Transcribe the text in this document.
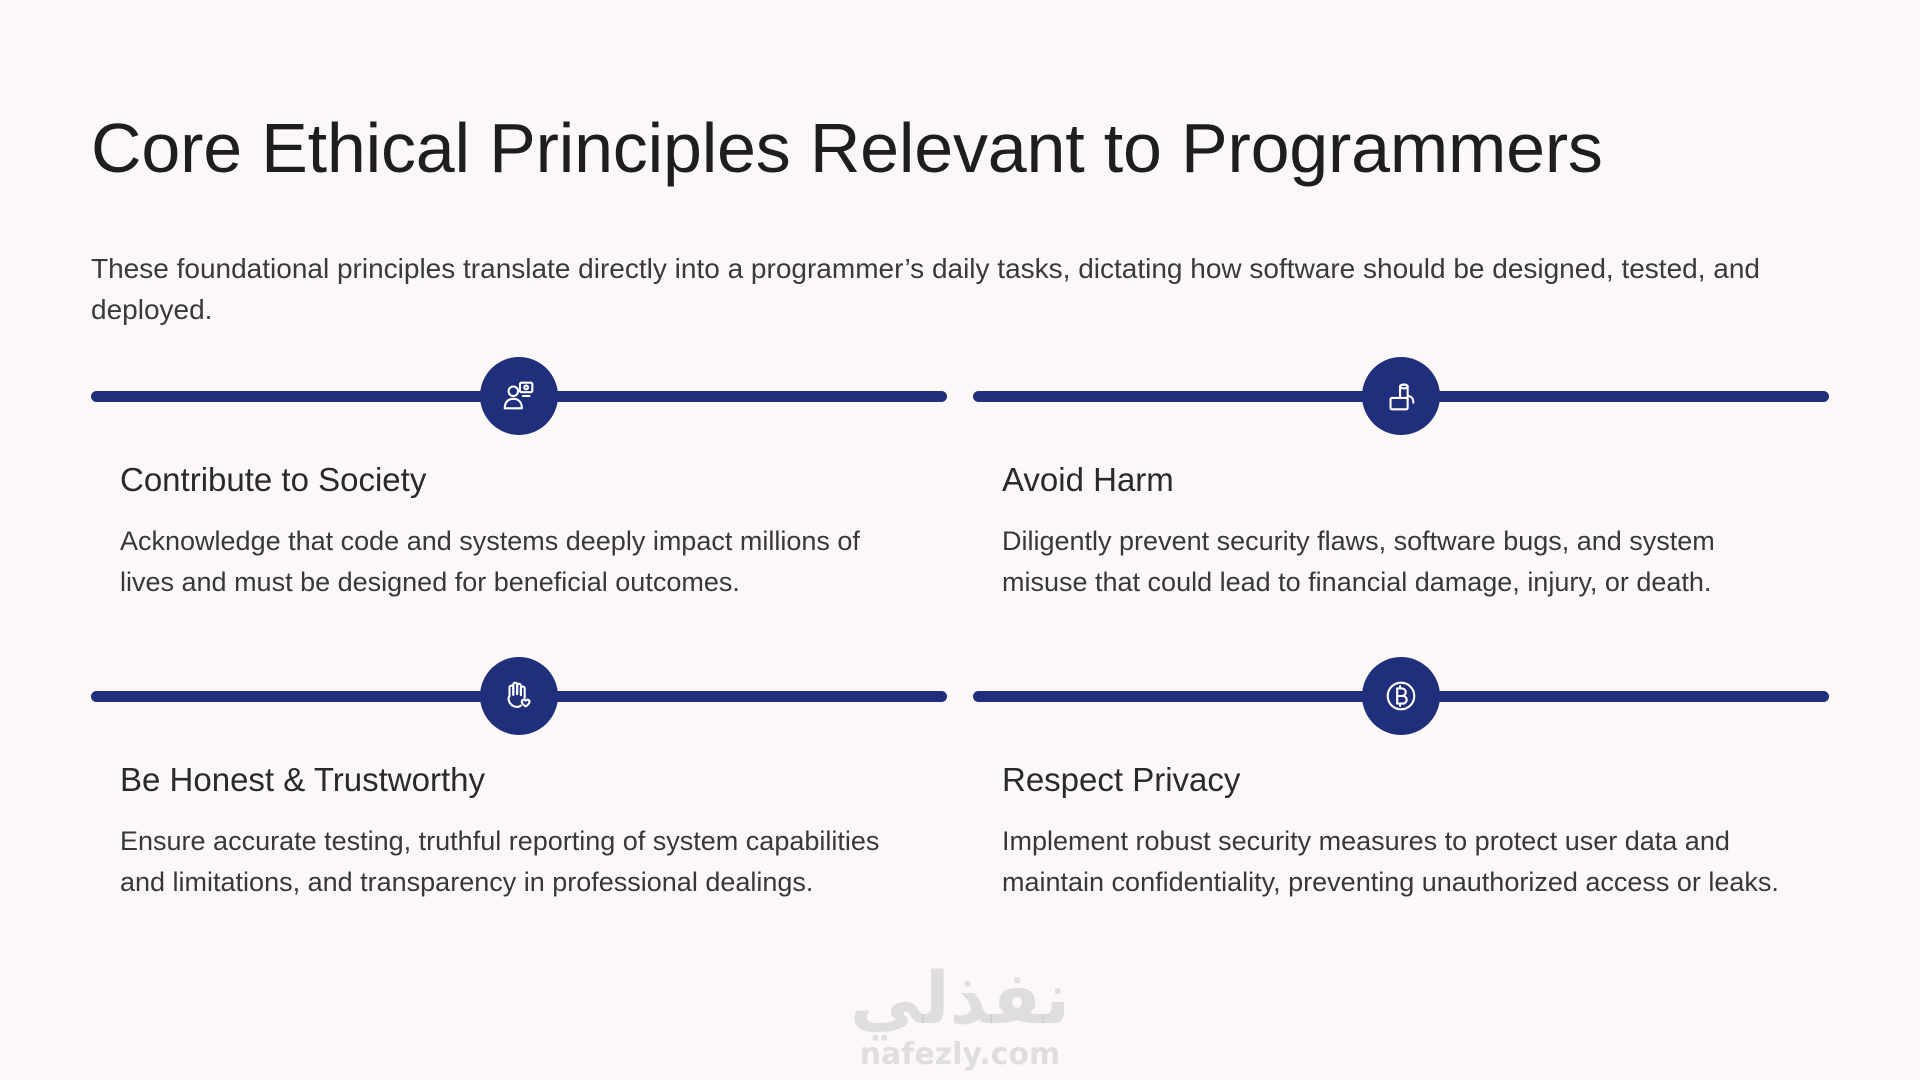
Core Ethical Principles Relevant to Programmers

These foundational principles translate directly into a programmer’s daily tasks, dictating how software should be designed, tested, and deployed.

Contribute to Society

Acknowledge that code and systems deeply impact millions of lives and must be designed for beneficial outcomes.

Avoid Harm

Diligently prevent security flaws, software bugs, and system misuse that could lead to financial damage, injury, or death.

Be Honest & Trustworthy

Ensure accurate testing, truthful reporting of system capabilities and limitations, and transparency in professional dealings.

Respect Privacy

Implement robust security measures to protect user data and maintain confidentiality, preventing unauthorized access or leaks.

نفذلي
nafezly.com
